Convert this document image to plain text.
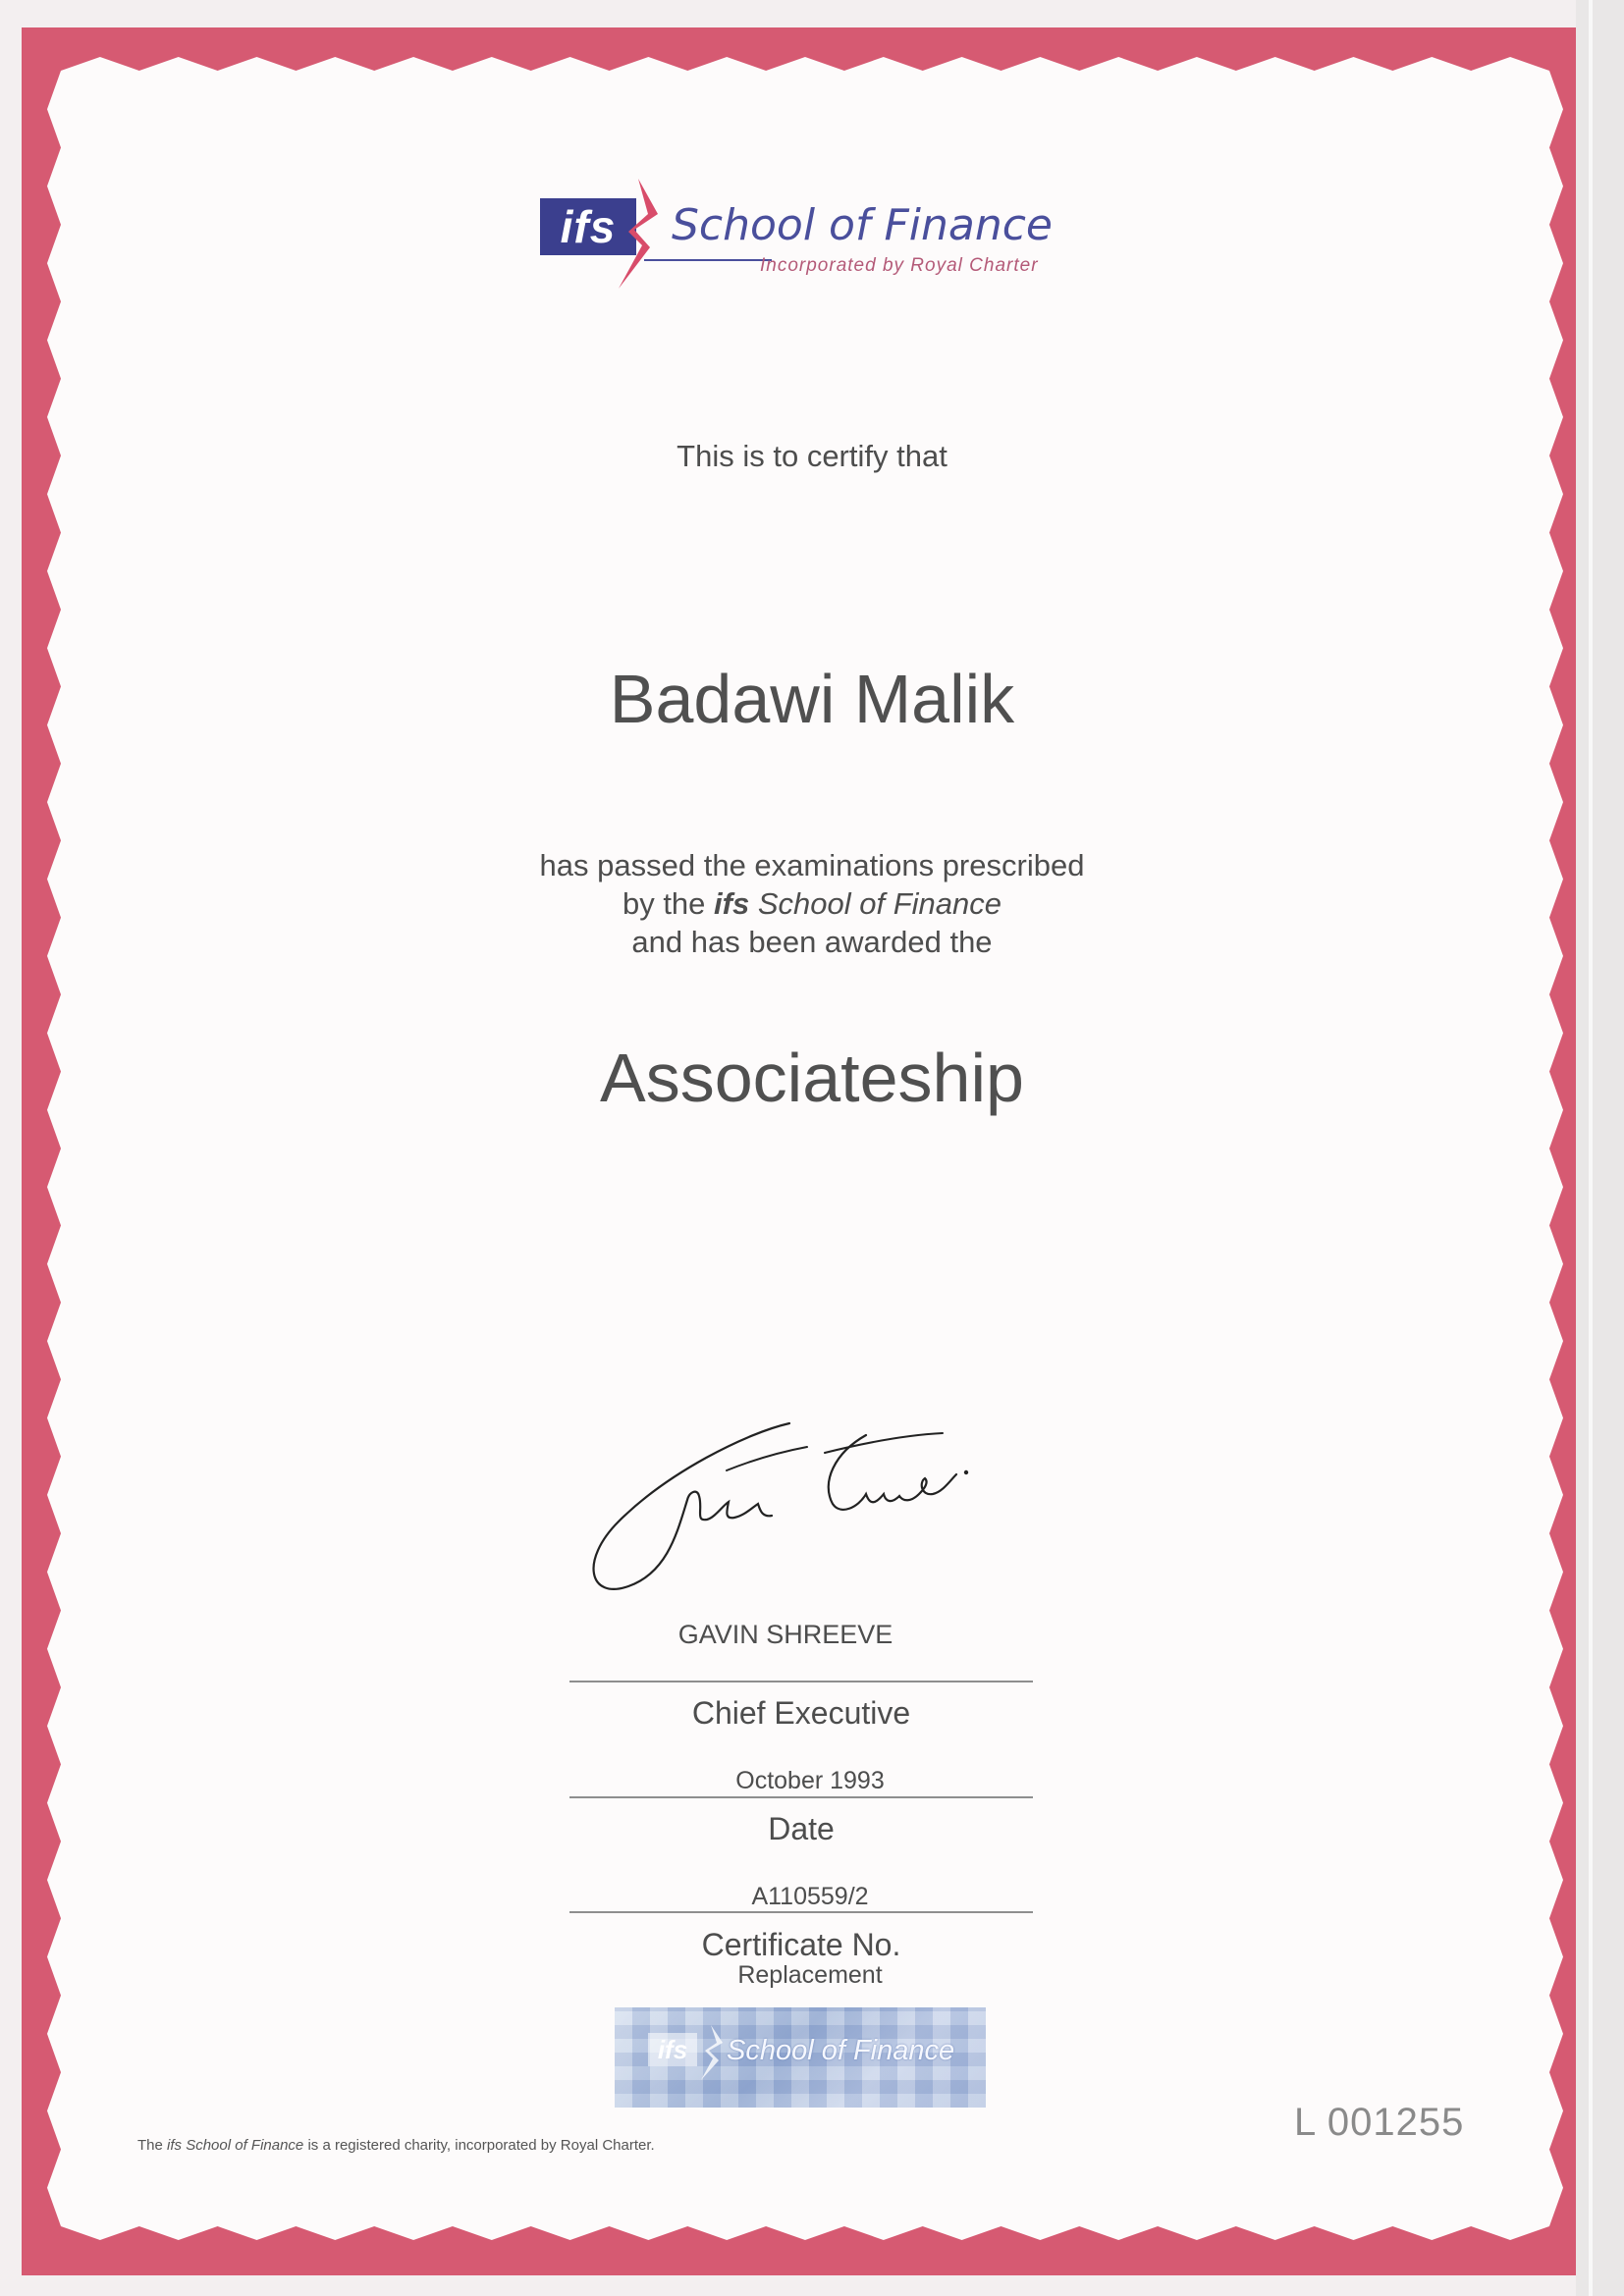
ifs	School of Finance
Incorporated by Royal Charter
This is to certify that
Badawi Malik
has passed the examinations prescribed
by the ifs School of Finance
and has been awarded the
Associateship
GAVIN SHREEVE
Chief Executive
October 1993
Date
A110559/2
Certificate No.
Replacement
ifs	School of Finance
The ifs School of Finance is a registered charity, incorporated by Royal Charter.
L 001255
